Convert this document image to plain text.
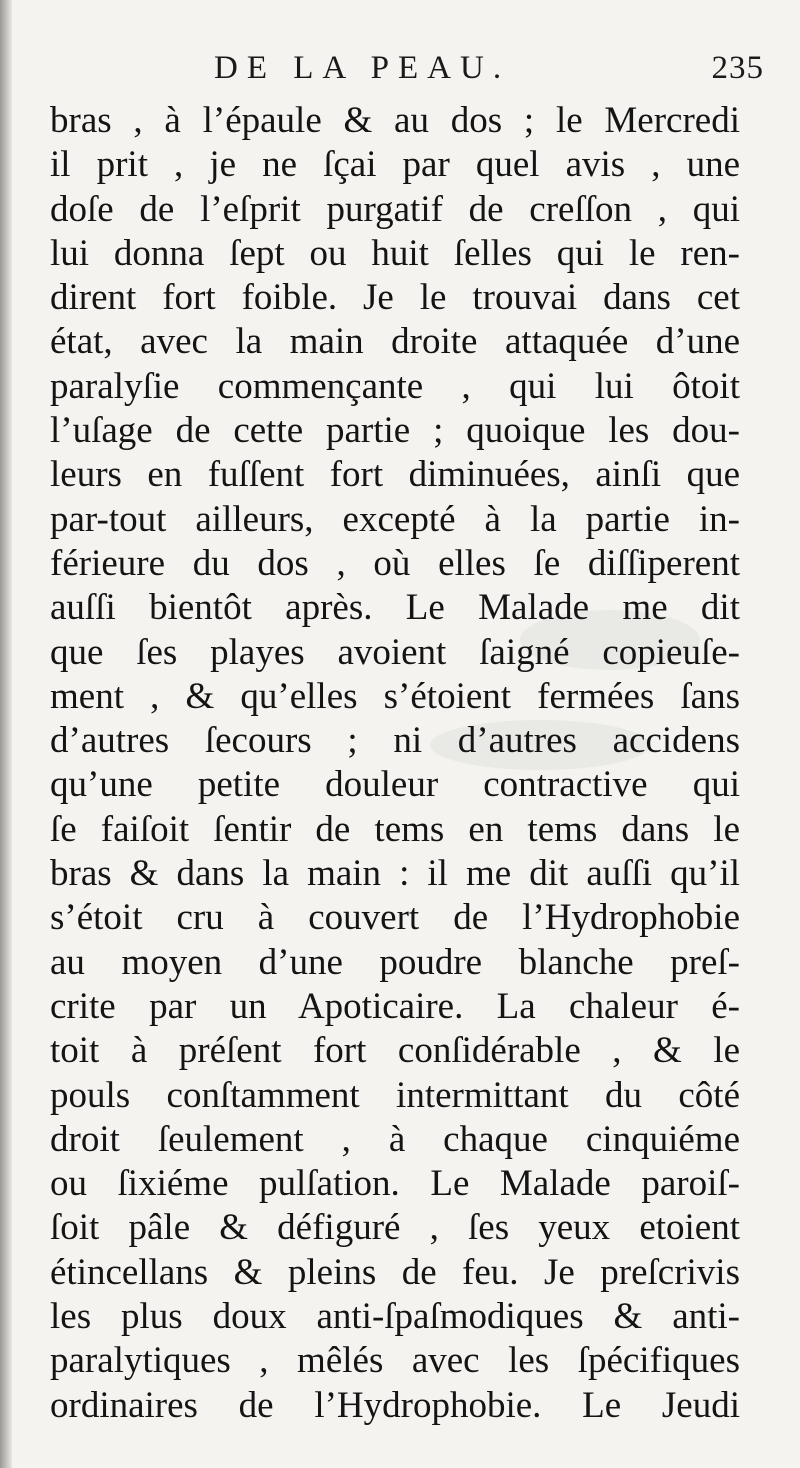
DE LA PEAU.	235
bras , à l’épaule & au dos ; le Mercredi
il prit , je ne ſçai par quel avis , une
doſe de l’eſprit purgatif de creſſon , qui
lui donna ſept ou huit ſelles qui le ren-
dirent fort foible. Je le trouvai dans cet
état, avec la main droite attaquée d’une
paralyſie commençante , qui lui ôtoit
l’uſage de cette partie ; quoique les dou-
leurs en fuſſent fort diminuées, ainſi que
par-tout ailleurs, excepté à la partie in-
férieure du dos , où elles ſe diſſiperent
auſſi bientôt après. Le Malade me dit
que ſes playes avoient ſaigné copieuſe-
ment , & qu’elles s’étoient fermées ſans
d’autres ſecours ; ni d’autres accidens
qu’une petite douleur contractive qui
ſe faiſoit ſentir de tems en tems dans le
bras & dans la main : il me dit auſſi qu’il
s’étoit cru à couvert de l’Hydrophobie
au moyen d’une poudre blanche preſ-
crite par un Apoticaire. La chaleur é-
toit à préſent fort conſidérable , & le
pouls conſtamment intermittant du côté
droit ſeulement , à chaque cinquiéme
ou ſixiéme pulſation. Le Malade paroiſ-
ſoit pâle & défiguré , ſes yeux etoient
étincellans & pleins de feu. Je preſcrivis
les plus doux anti-ſpaſmodiques & anti-
paralytiques , mêlés avec les ſpécifiques
ordinaires de l’Hydrophobie. Le Jeudi
